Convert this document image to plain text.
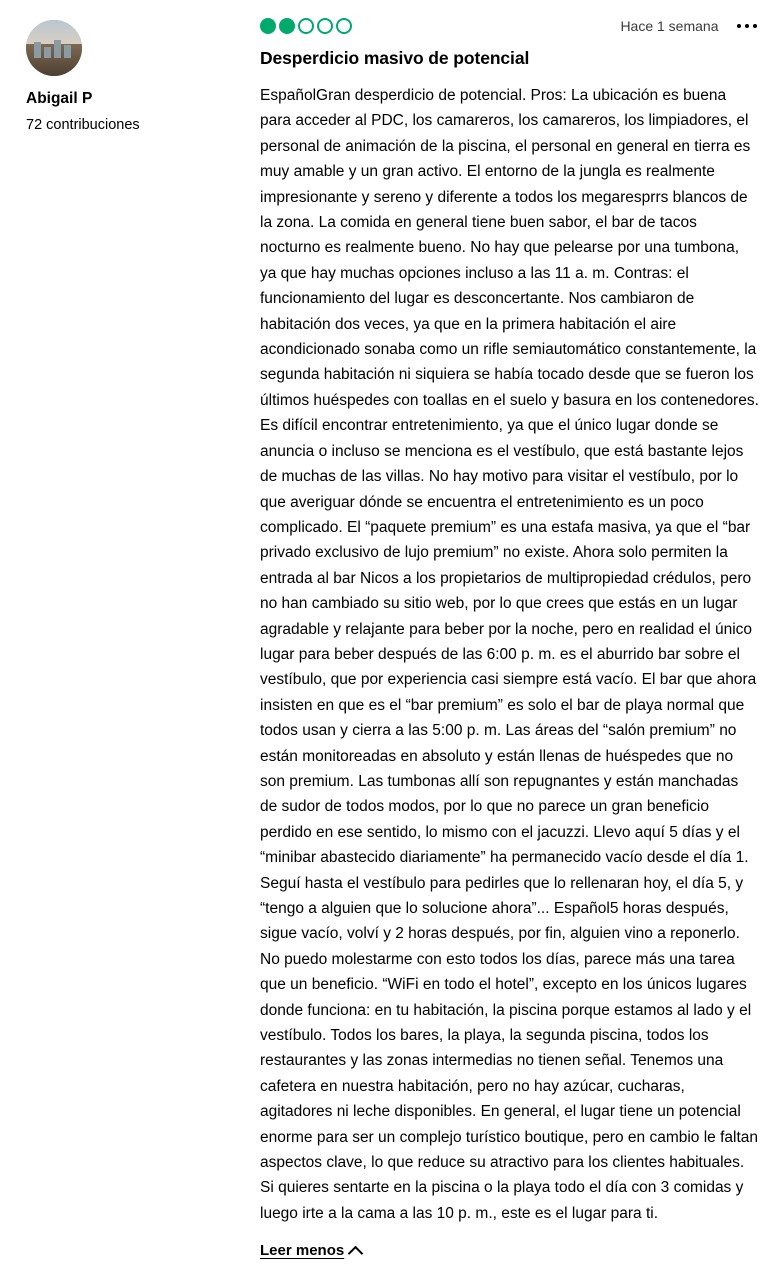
Abigail P
72 contribuciones
Hace 1 semana
Desperdicio masivo de potencial
EspañolGran desperdicio de potencial. Pros: La ubicación es buena para acceder al PDC, los camareros, los camareros, los limpiadores, el personal de animación de la piscina, el personal en general en tierra es muy amable y un gran activo. El entorno de la jungla es realmente impresionante y sereno y diferente a todos los megaresprrs blancos de la zona. La comida en general tiene buen sabor, el bar de tacos nocturno es realmente bueno. No hay que pelearse por una tumbona, ya que hay muchas opciones incluso a las 11 a. m. Contras: el funcionamiento del lugar es desconcertante. Nos cambiaron de habitación dos veces, ya que en la primera habitación el aire acondicionado sonaba como un rifle semiautomático constantemente, la segunda habitación ni siquiera se había tocado desde que se fueron los últimos huéspedes con toallas en el suelo y basura en los contenedores. Es difícil encontrar entretenimiento, ya que el único lugar donde se anuncia o incluso se menciona es el vestíbulo, que está bastante lejos de muchas de las villas. No hay motivo para visitar el vestíbulo, por lo que averiguar dónde se encuentra el entretenimiento es un poco complicado. El “paquete premium” es una estafa masiva, ya que el “bar privado exclusivo de lujo premium” no existe. Ahora solo permiten la entrada al bar Nicos a los propietarios de multipropiedad crédulos, pero no han cambiado su sitio web, por lo que crees que estás en un lugar agradable y relajante para beber por la noche, pero en realidad el único lugar para beber después de las 6:00 p. m. es el aburrido bar sobre el vestíbulo, que por experiencia casi siempre está vacío. El bar que ahora insisten en que es el “bar premium” es solo el bar de playa normal que todos usan y cierra a las 5:00 p. m. Las áreas del “salón premium” no están monitoreadas en absoluto y están llenas de huéspedes que no son premium. Las tumbonas allí son repugnantes y están manchadas de sudor de todos modos, por lo que no parece un gran beneficio perdido en ese sentido, lo mismo con el jacuzzi. Llevo aquí 5 días y el “minibar abastecido diariamente” ha permanecido vacío desde el día 1. Seguí hasta el vestíbulo para pedirles que lo rellenaran hoy, el día 5, y “tengo a alguien que lo solucione ahora”... Español5 horas después, sigue vacío, volví y 2 horas después, por fin, alguien vino a reponerlo. No puedo molestarme con esto todos los días, parece más una tarea que un beneficio. “WiFi en todo el hotel”, excepto en los únicos lugares donde funciona: en tu habitación, la piscina porque estamos al lado y el vestíbulo. Todos los bares, la playa, la segunda piscina, todos los restaurantes y las zonas intermedias no tienen señal. Tenemos una cafetera en nuestra habitación, pero no hay azúcar, cucharas, agitadores ni leche disponibles. En general, el lugar tiene un potencial enorme para ser un complejo turístico boutique, pero en cambio le faltan aspectos clave, lo que reduce su atractivo para los clientes habituales. Si quieres sentarte en la piscina o la playa todo el día con 3 comidas y luego irte a la cama a las 10 p. m., este es el lugar para ti.
Leer menos
